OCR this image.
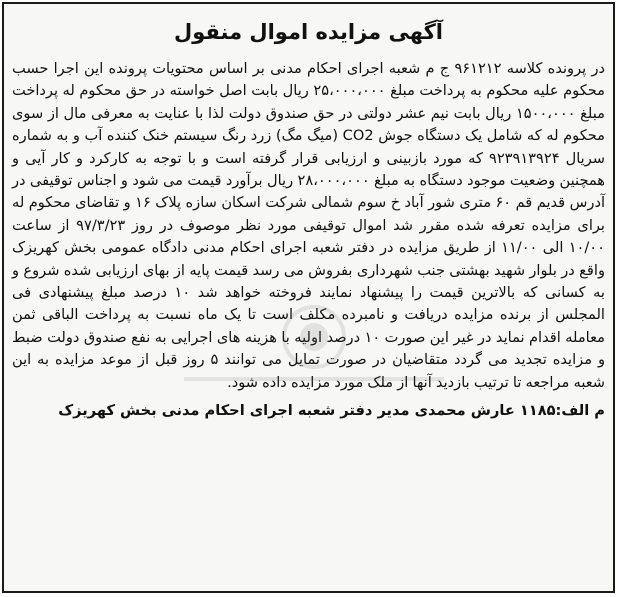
آگهی مزایده اموال منقول
در پرونده کلاسه ۹۶۱۲۱۲ ج م شعبه اجرای احکام مدنی بر اساس محتویات پرونده این اجرا حسب محکوم علیه محکوم به پرداخت مبلغ ۲۵،۰۰۰،۰۰۰ ریال بابت اصل خواسته در حق محکوم له پرداخت مبلغ ۱۵۰۰،۰۰۰ ریال بابت نیم عشر دولتی در حق صندوق دولت لذا با عنایت به معرفی مال از سوی محکوم له که شامل یک دستگاه جوش CO2 (میگ مگ) زرد رنگ سیستم خنک کننده آب و به شماره سریال ۹۲۳۹۱۳۹۲۴ که مورد بازبینی و ارزیابی قرار گرفته است و با توجه به کارکرد و کار آیی و همچنین وضعیت موجود دستگاه به مبلغ ۲۸،۰۰۰،۰۰۰ ریال برآورد قیمت می شود و اجناس توقیفی در آدرس قدیم قم ۶۰ متری شور آباد خ سوم شمالی شرکت اسکان سازه پلاک ۱۶ و تقاضای محکوم له برای مزایده تعرفه شده مقرر شد اموال توقیفی مورد نظر موصوف در روز ۹۷/۳/۲۳ از ساعت ۱۰/۰۰ الی ۱۱/۰۰ از طریق مزایده در دفتر شعبه اجرای احکام مدنی دادگاه عمومی بخش کهریزک واقع در بلوار شهید بهشتی جنب شهرداری بفروش می رسد قیمت پایه از بهای ارزیابی شده شروع و به کسانی که بالاترین قیمت را پیشنهاد نمایند فروخته خواهد شد ۱۰ درصد مبلغ پیشنهادی فی المجلس از برنده مزایده دریافت و نامبرده مکلف است تا یک ماه نسبت به پرداخت الباقی ثمن معامله اقدام نماید در غیر این صورت ۱۰ درصد اولیه با هزینه های اجرایی به نفع صندوق دولت ضبط و مزایده تجدید می گردد متقاضیان در صورت تمایل می توانند ۵ روز قبل از موعد مزایده به این شعبه مراجعه تا ترتیب بازدید آنها از ملک مورد مزایده داده شود.
م الف:۱۱۸۵ عارش محمدی مدیر دفتر شعبه اجرای احکام مدنی بخش کهریزک
